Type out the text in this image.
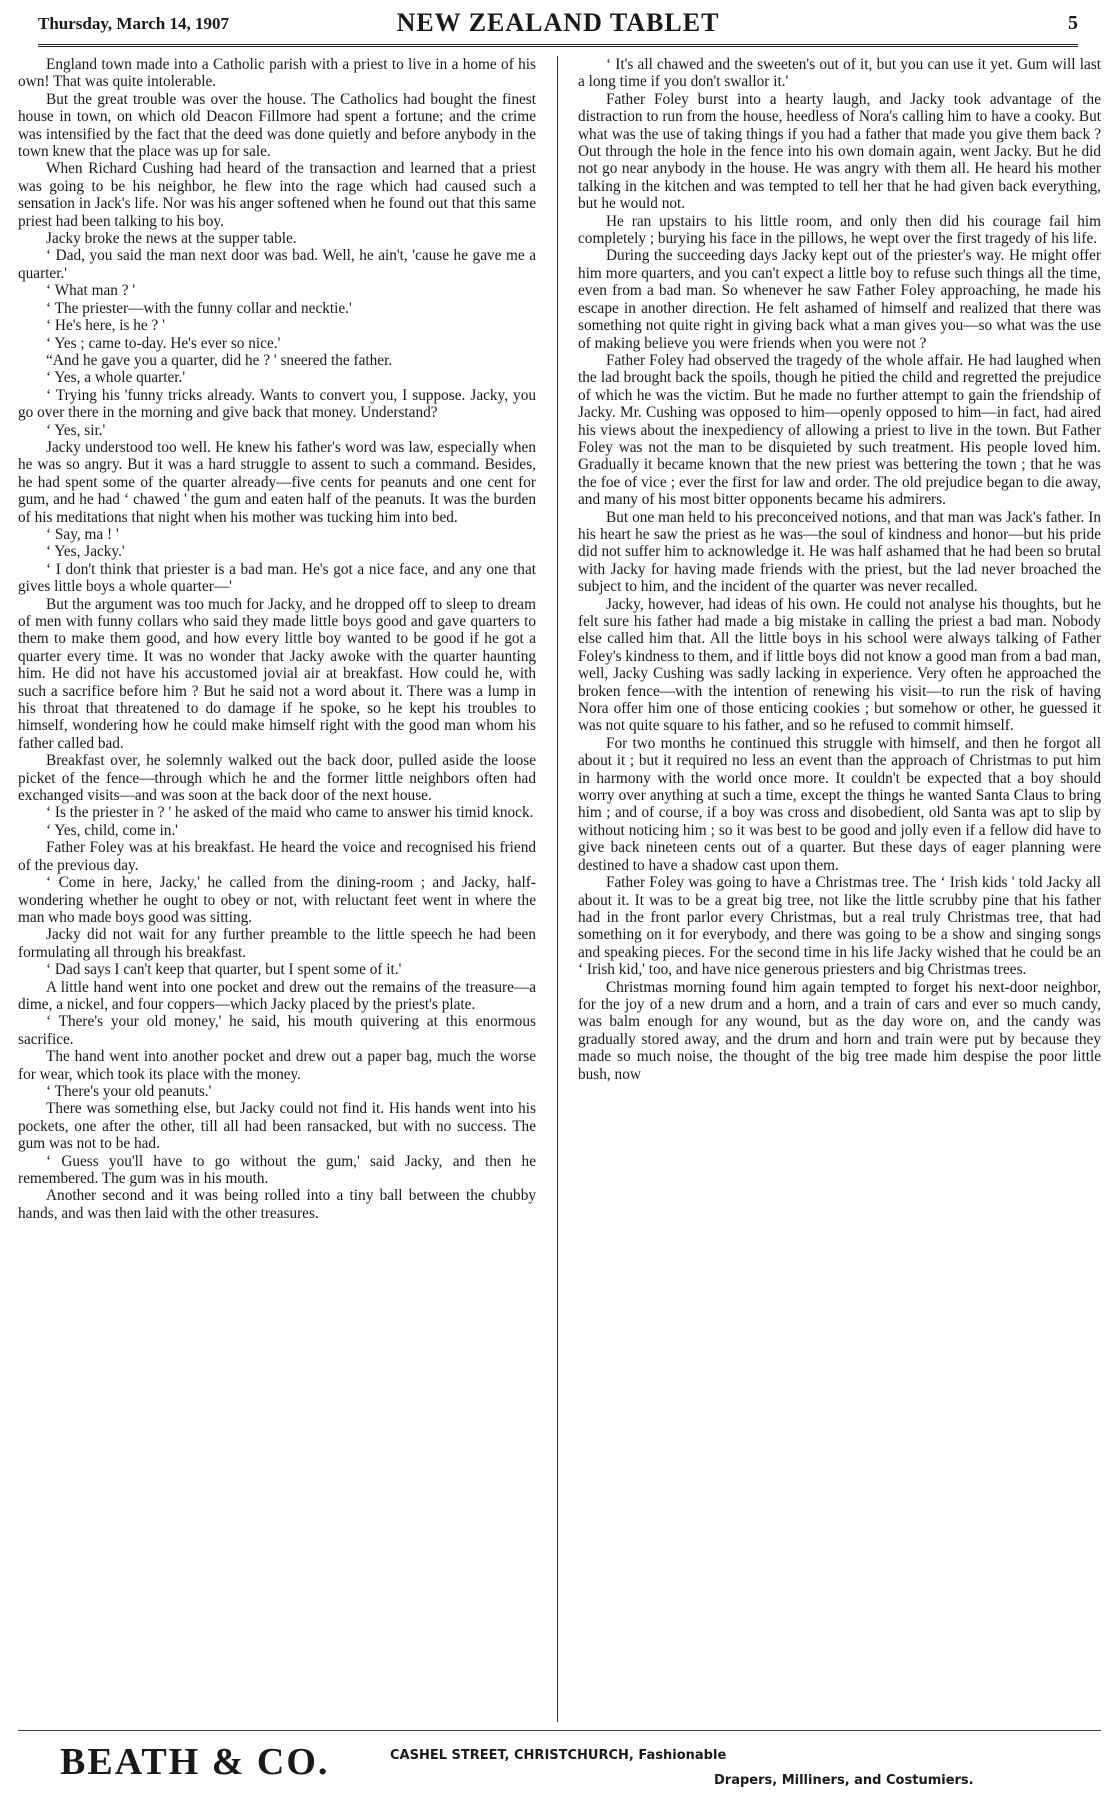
Thursday, March 14, 1907	NEW ZEALAND TABLET	5

England town made into a Catholic parish with a priest to live in a home of his own! That was quite intolerable.

But the great trouble was over the house. The Catholics had bought the finest house in town, on which old Deacon Fillmore had spent a fortune; and the crime was intensified by the fact that the deed was done quietly and before anybody in the town knew that the place was up for sale.

When Richard Cushing had heard of the transaction and learned that a priest was going to be his neighbor, he flew into the rage which had caused such a sensation in Jack's life. Nor was his anger softened when he found out that this same priest had been talking to his boy.

Jacky broke the news at the supper table.

‘ Dad, you said the man next door was bad. Well, he ain't, 'cause he gave me a quarter.'

‘ What man ? '

‘ The priester—with the funny collar and necktie.'

‘ He's here, is he ? '

‘ Yes ; came to-day. He's ever so nice.'

“And he gave you a quarter, did he ? ' sneered the father.

‘ Yes, a whole quarter.'

‘ Trying his 'funny tricks already. Wants to convert you, I suppose. Jacky, you go over there in the morning and give back that money. Understand?

‘ Yes, sir.'

Jacky understood too well. He knew his father's word was law, especially when he was so angry. But it was a hard struggle to assent to such a command. Besides, he had spent some of the quarter already—five cents for peanuts and one cent for gum, and he had ‘ chawed ' the gum and eaten half of the peanuts. It was the burden of his meditations that night when his mother was tucking him into bed.

‘ Say, ma ! '

‘ Yes, Jacky.'

‘ I don't think that priester is a bad man. He's got a nice face, and any one that gives little boys a whole quarter—'

But the argument was too much for Jacky, and he dropped off to sleep to dream of men with funny collars who said they made little boys good and gave quarters to them to make them good, and how every little boy wanted to be good if he got a quarter every time. It was no wonder that Jacky awoke with the quarter haunting him. He did not have his accustomed jovial air at breakfast. How could he, with such a sacrifice before him ? But he said not a word about it. There was a lump in his throat that threatened to do damage if he spoke, so he kept his troubles to himself, wondering how he could make himself right with the good man whom his father called bad.

Breakfast over, he solemnly walked out the back door, pulled aside the loose picket of the fence—through which he and the former little neighbors often had exchanged visits—and was soon at the back door of the next house.

‘ Is the priester in ? ' he asked of the maid who came to answer his timid knock.

‘ Yes, child, come in.'

Father Foley was at his breakfast. He heard the voice and recognised his friend of the previous day.

‘ Come in here, Jacky,' he called from the dining-room ; and Jacky, half-wondering whether he ought to obey or not, with reluctant feet went in where the man who made boys good was sitting.

Jacky did not wait for any further preamble to the little speech he had been formulating all through his breakfast.

‘ Dad says I can't keep that quarter, but I spent some of it.'

A little hand went into one pocket and drew out the remains of the treasure—a dime, a nickel, and four coppers—which Jacky placed by the priest's plate.

‘ There's your old money,' he said, his mouth quivering at this enormous sacrifice.

The hand went into another pocket and drew out a paper bag, much the worse for wear, which took its place with the money.

‘ There's your old peanuts.'

There was something else, but Jacky could not find it. His hands went into his pockets, one after the other, till all had been ransacked, but with no success. The gum was not to be had.

‘ Guess you'll have to go without the gum,' said Jacky, and then he remembered. The gum was in his mouth.

Another second and it was being rolled into a tiny ball between the chubby hands, and was then laid with the other treasures.

‘ It's all chawed and the sweeten's out of it, but you can use it yet. Gum will last a long time if you don't swallor it.'

Father Foley burst into a hearty laugh, and Jacky took advantage of the distraction to run from the house, heedless of Nora's calling him to have a cooky. But what was the use of taking things if you had a father that made you give them back ? Out through the hole in the fence into his own domain again, went Jacky. But he did not go near anybody in the house. He was angry with them all. He heard his mother talking in the kitchen and was tempted to tell her that he had given back everything, but he would not.

He ran upstairs to his little room, and only then did his courage fail him completely ; burying his face in the pillows, he wept over the first tragedy of his life.

During the succeeding days Jacky kept out of the priester's way. He might offer him more quarters, and you can't expect a little boy to refuse such things all the time, even from a bad man. So whenever he saw Father Foley approaching, he made his escape in another direction. He felt ashamed of himself and realized that there was something not quite right in giving back what a man gives you—so what was the use of making believe you were friends when you were not ?

Father Foley had observed the tragedy of the whole affair. He had laughed when the lad brought back the spoils, though he pitied the child and regretted the prejudice of which he was the victim. But he made no further attempt to gain the friendship of Jacky. Mr. Cushing was opposed to him—openly opposed to him—in fact, had aired his views about the inexpediency of allowing a priest to live in the town. But Father Foley was not the man to be disquieted by such treatment. His people loved him. Gradually it became known that the new priest was bettering the town ; that he was the foe of vice ; ever the first for law and order. The old prejudice began to die away, and many of his most bitter opponents became his admirers.

But one man held to his preconceived notions, and that man was Jack's father. In his heart he saw the priest as he was—the soul of kindness and honor—but his pride did not suffer him to acknowledge it. He was half ashamed that he had been so brutal with Jacky for having made friends with the priest, but the lad never broached the subject to him, and the incident of the quarter was never recalled.

Jacky, however, had ideas of his own. He could not analyse his thoughts, but he felt sure his father had made a big mistake in calling the priest a bad man. Nobody else called him that. All the little boys in his school were always talking of Father Foley's kindness to them, and if little boys did not know a good man from a bad man, well, Jacky Cushing was sadly lacking in experience. Very often he approached the broken fence—with the intention of renewing his visit—to run the risk of having Nora offer him one of those enticing cookies ; but somehow or other, he guessed it was not quite square to his father, and so he refused to commit himself.

For two months he continued this struggle with himself, and then he forgot all about it ; but it required no less an event than the approach of Christmas to put him in harmony with the world once more. It couldn't be expected that a boy should worry over anything at such a time, except the things he wanted Santa Claus to bring him ; and of course, if a boy was cross and disobedient, old Santa was apt to slip by without noticing him ; so it was best to be good and jolly even if a fellow did have to give back nineteen cents out of a quarter. But these days of eager planning were destined to have a shadow cast upon them.

Father Foley was going to have a Christmas tree. The ‘ Irish kids ' told Jacky all about it. It was to be a great big tree, not like the little scrubby pine that his father had in the front parlor every Christmas, but a real truly Christmas tree, that had something on it for everybody, and there was going to be a show and singing songs and speaking pieces. For the second time in his life Jacky wished that he could be an ‘ Irish kid,' too, and have nice generous priesters and big Christmas trees.

Christmas morning found him again tempted to forget his next-door neighbor, for the joy of a new drum and a horn, and a train of cars and ever so much candy, was balm enough for any wound, but as the day wore on, and the candy was gradually stored away, and the drum and horn and train were put by because they made so much noise, the thought of the big tree made him despise the poor little bush, now

BEATH & CO.	CASHEL STREET, CHRISTCHURCH, Fashionable
Drapers, Milliners, and Costumiers.
